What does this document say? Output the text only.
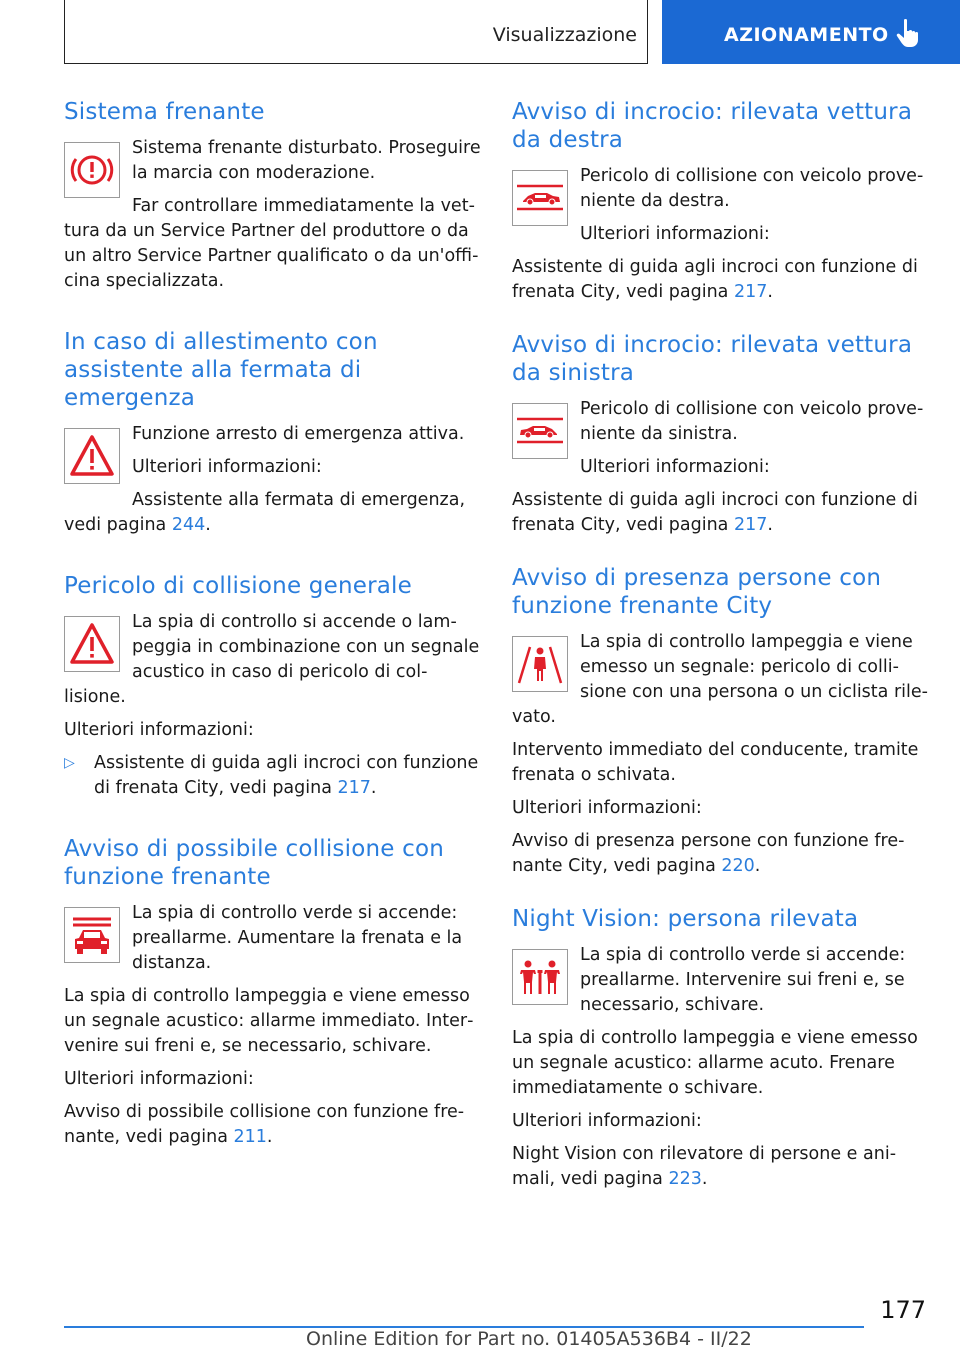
Visualizzazione	AZIONAMENTO
Sistema frenante

Sistema frenante disturbato. Proseguire la marcia con moderazione.

Far controllare immediatamente la vettura da un Service Partner del produttore o da un altro Service Partner qualificato o da un'officina specializzata.

In caso di allestimento con assistente alla fermata di emergenza

Funzione arresto di emergenza attiva.

Ulteriori informazioni:

Assistente alla fermata di emergenza, vedi pagina 244.

Pericolo di collisione generale

La spia di controllo si accende o lampeggia in combinazione con un segnale acustico in caso di pericolo di collisione.

Ulteriori informazioni:

▷	Assistente di guida agli incroci con funzione di frenata City, vedi pagina 217.

Avviso di possibile collisione con funzione frenante

La spia di controllo verde si accende: preallarme. Aumentare la frenata e la distanza.

La spia di controllo lampeggia e viene emesso un segnale acustico: allarme immediato. Intervenire sui freni e, se necessario, schivare.

Ulteriori informazioni:

Avviso di possibile collisione con funzione frenante, vedi pagina 211.

Avviso di incrocio: rilevata vettura da destra

Pericolo di collisione con veicolo proveniente da destra.

Ulteriori informazioni:

Assistente di guida agli incroci con funzione di frenata City, vedi pagina 217.

Avviso di incrocio: rilevata vettura da sinistra

Pericolo di collisione con veicolo proveniente da sinistra.

Ulteriori informazioni:

Assistente di guida agli incroci con funzione di frenata City, vedi pagina 217.

Avviso di presenza persone con funzione frenante City

La spia di controllo lampeggia e viene emesso un segnale: pericolo di collisione con una persona o un ciclista rilevato.

Intervento immediato del conducente, tramite frenata o schivata.

Ulteriori informazioni:

Avviso di presenza persone con funzione frenante City, vedi pagina 220.

Night Vision: persona rilevata

La spia di controllo verde si accende: preallarme. Intervenire sui freni e, se necessario, schivare.

La spia di controllo lampeggia e viene emesso un segnale acustico: allarme acuto. Frenare immediatamente o schivare.

Ulteriori informazioni:

Night Vision con rilevatore di persone e animali, vedi pagina 223.

177
Online Edition for Part no. 01405A536B4 - II/22
